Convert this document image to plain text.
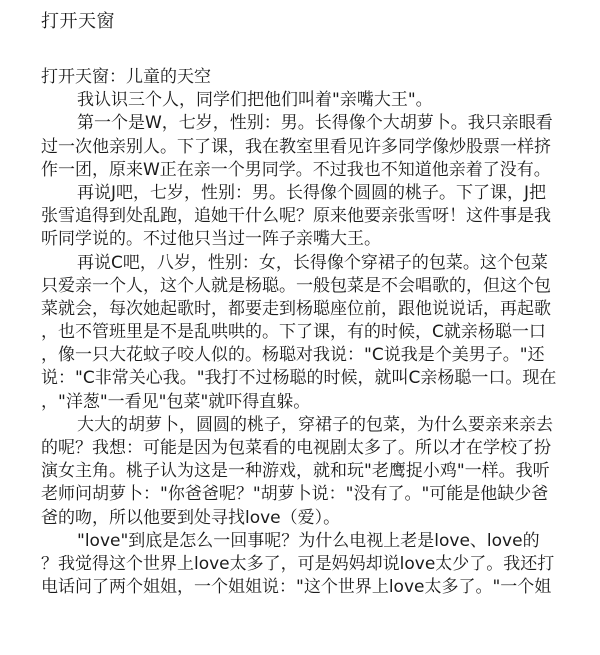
打开天窗
打开天窗：儿童的天空
我认识三个人，同学们把他们叫着"亲嘴大王"。
第一个是W，七岁，性别：男。长得像个大胡萝卜。我只亲眼看
过一次他亲别人。下了课，我在教室里看见许多同学像炒股票一样挤
作一团，原来W正在亲一个男同学。不过我也不知道他亲着了没有。
再说J吧，七岁，性别：男。长得像个圆圆的桃子。下了课，J把
张雪追得到处乱跑，追她干什么呢？原来他要亲张雪呀！这件事是我
听同学说的。不过他只当过一阵子亲嘴大王。
再说C吧，八岁，性别：女，长得像个穿裙子的包菜。这个包菜
只爱亲一个人，这个人就是杨聪。一般包菜是不会唱歌的，但这个包
菜就会，每次她起歌时，都要走到杨聪座位前，跟他说说话，再起歌
，也不管班里是不是乱哄哄的。下了课，有的时候，C就亲杨聪一口
，像一只大花蚊子咬人似的。杨聪对我说："C说我是个美男子。"还
说："C非常关心我。"我打不过杨聪的时候，就叫C亲杨聪一口。现在
，"洋葱"一看见"包菜"就吓得直躲。
大大的胡萝卜，圆圆的桃子，穿裙子的包菜，为什么要亲来亲去
的呢？我想：可能是因为包菜看的电视剧太多了。所以才在学校了扮
演女主角。桃子认为这是一种游戏，就和玩"老鹰捉小鸡"一样。我听
老师问胡萝卜："你爸爸呢？"胡萝卜说："没有了。"可能是他缺少爸
爸的吻，所以他要到处寻找love（爱）。
"love"到底是怎么一回事呢？为什么电视上老是love、love的
？我觉得这个世界上love太多了，可是妈妈却说love太少了。我还打
电话问了两个姐姐，一个姐姐说："这个世界上love太多了。"一个姐
